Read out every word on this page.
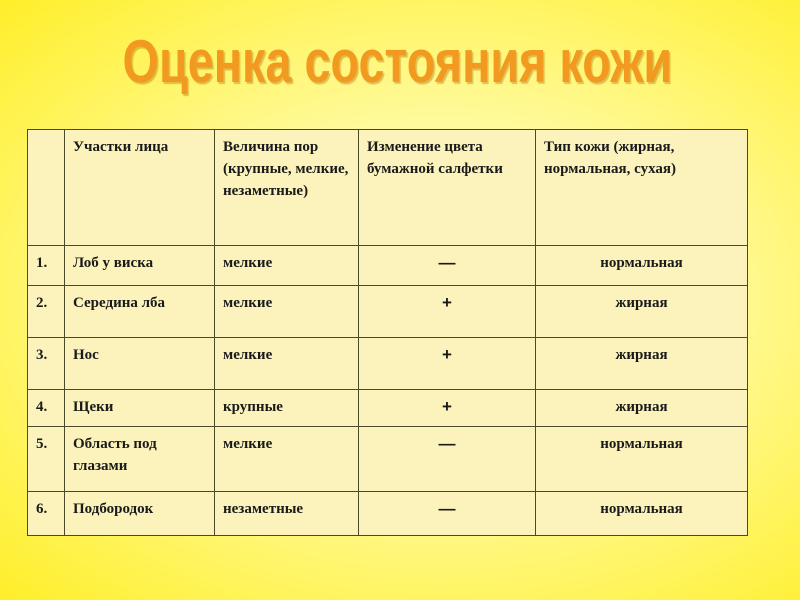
Оценка состояния кожи
	Участки лица	Величина пор (крупные, мелкие, незаметные)	Изменение цвета бумажной салфетки	Тип кожи (жирная, нормальная, сухая)
1.	Лоб у виска	мелкие	—	нормальная
2.	Середина лба	мелкие	+	жирная
3.	Нос	мелкие	+	жирная
4.	Щеки	крупные	+	жирная
5.	Область под глазами	мелкие	—	нормальная
6.	Подбородок	незаметные	—	нормальная
